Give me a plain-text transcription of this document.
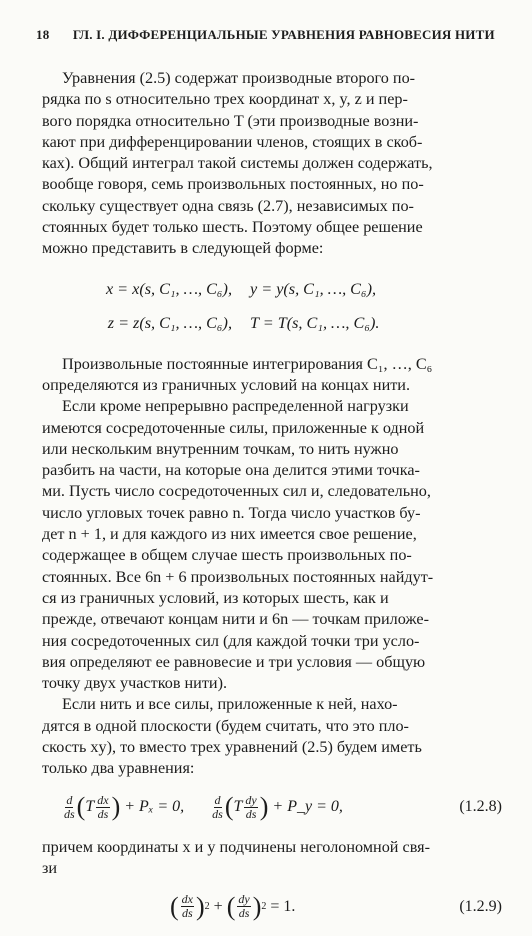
18 ГЛ. I. ДИФФЕРЕНЦИАЛЬНЫЕ УРАВНЕНИЯ РАВНОВЕСИЯ НИТИ

Уравнения (2.5) содержат производные второго по-

рядка по s относительно трех координат x, y, z и пер-

вого порядка относительно T (эти производные возни-

кают при дифференцировании членов, стоящих в скоб-

ках). Общий интеграл такой системы должен содержать,

вообще говоря, семь произвольных постоянных, но по-

скольку существует одна связь (2.7), независимых по-

стоянных будет только шесть. Поэтому общее решение

можно представить в следующей форме:

x = x(s, C₁, …, C₆),	y = y(s, C₁, …, C₆),
z = z(s, C₁, …, C₆),	T = T(s, C₁, …, C₆).

Произвольные постоянные интегрирования C₁, …, C₆

определяются из граничных условий на концах нити.

Если кроме непрерывно распределенной нагрузки

имеются сосредоточенные силы, приложенные к одной

или нескольким внутренним точкам, то нить нужно

разбить на части, на которые она делится этими точка-

ми. Пусть число сосредоточенных сил и, следовательно,

число угловых точек равно n. Тогда число участков бу-

дет n + 1, и для каждого из них имеется свое решение,

содержащее в общем случае шесть произвольных по-

стоянных. Все 6n + 6 произвольных постоянных найдут-

ся из граничных условий, из которых шесть, как и

прежде, отвечают концам нити и 6n — точкам приложе-

ния сосредоточенных сил (для каждой точки три усло-

вия определяют ее равновесие и три условия — общую

точку двух участков нити).

Если нить и все силы, приложенные к ней, нахо-

дятся в одной плоскости (будем считать, что это пло-

скость xy), то вместо трех уравнений (2.5) будем иметь

только два уравнения:

$\frac{d}{ds}$ ( T $\frac{dx}{ds}$ )
+ Pₓ = 0, $\frac{d}{ds}$ ( T $\frac{dy}{ds}$ )
+ P_y = 0,	(1.2.8)

причем координаты x и y подчинены неголономной свя-

зи

( $\frac{dx}{ds}$ ) 2
+
( $\frac{dy}{ds}$ ) 2
= 1.	(1.2.9)
